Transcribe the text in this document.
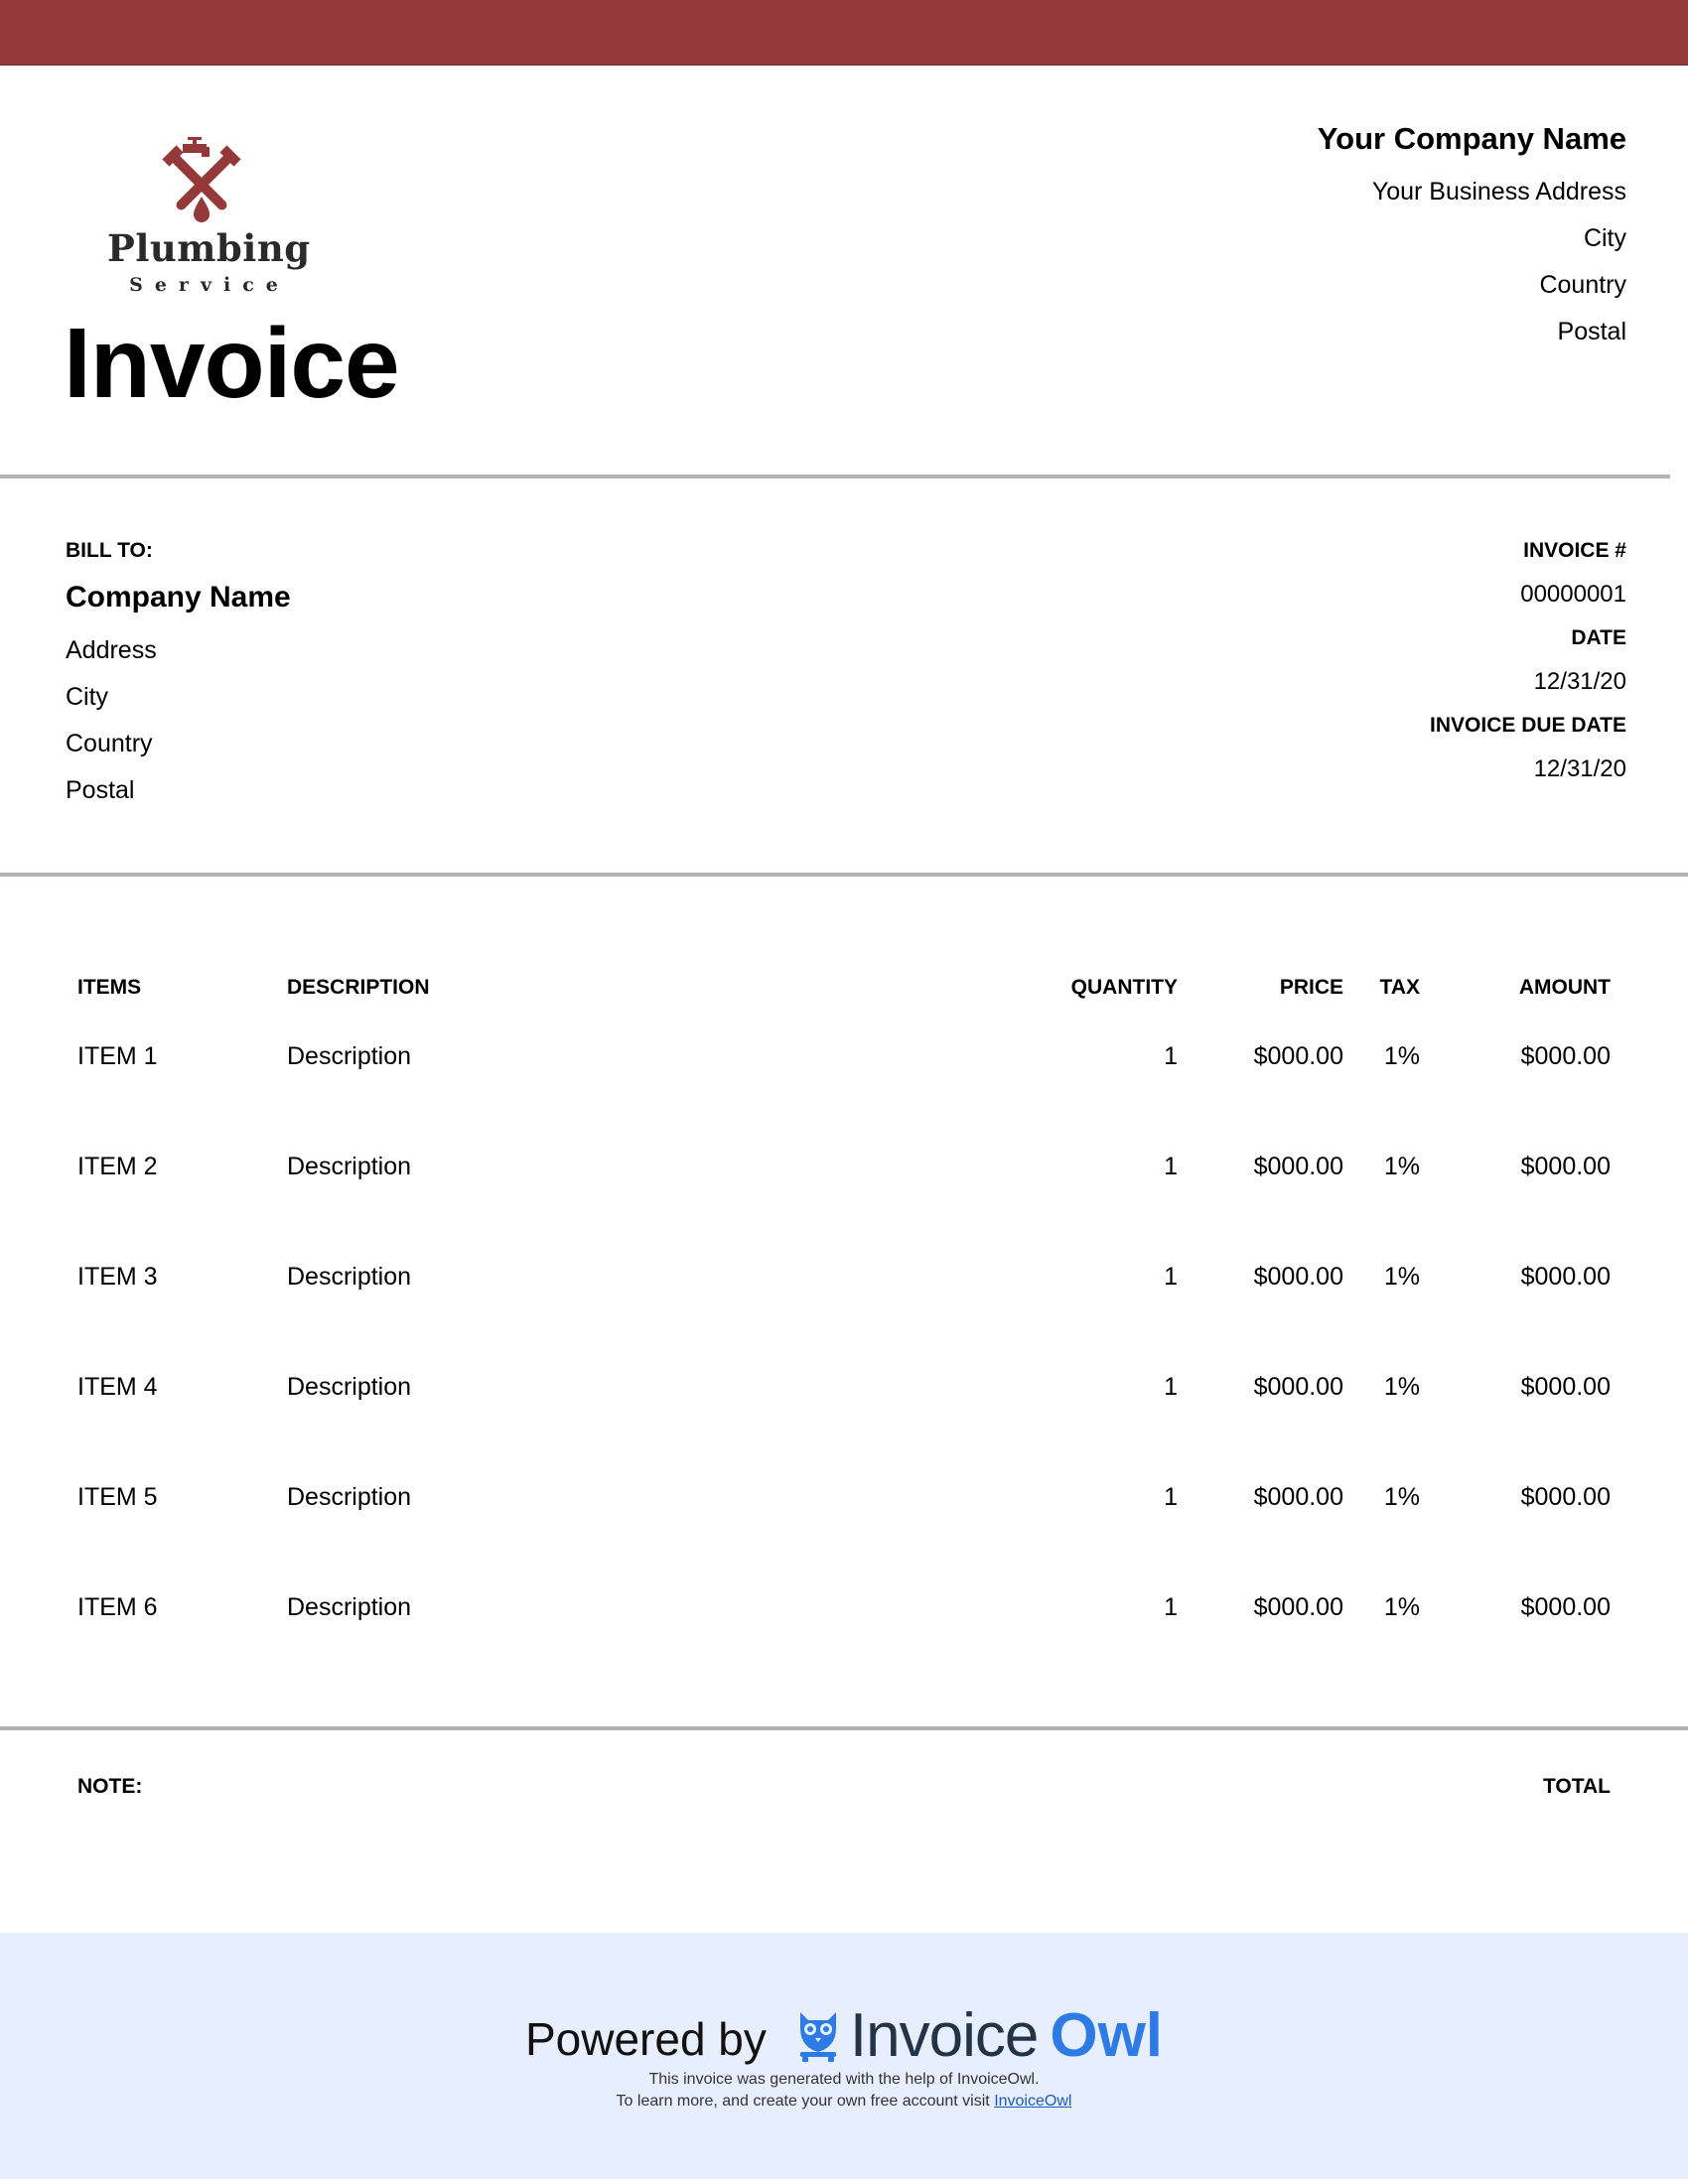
Plumbing
Service
Invoice
Your Company Name
Your Business Address
City
Country
Postal
BILL TO:
Company Name
Address
City
Country
Postal
INVOICE #
00000001
DATE
12/31/20
INVOICE DUE DATE
12/31/20
ITEMS	DESCRIPTION	QUANTITY	PRICE TAX	AMOUNT
ITEM 1	Description	1	$000.00 1%	$000.00
ITEM 2	Description	1	$000.00 1%	$000.00
ITEM 3	Description	1	$000.00 1%	$000.00
ITEM 4	Description	1	$000.00 1%	$000.00
ITEM 5	Description	1	$000.00 1%	$000.00
ITEM 6	Description	1	$000.00 1%	$000.00
NOTE:	TOTAL
Powered by Invoice Owl
This invoice was generated with the help of InvoiceOwl.
To learn more, and create your own free account visit InvoiceOwl
